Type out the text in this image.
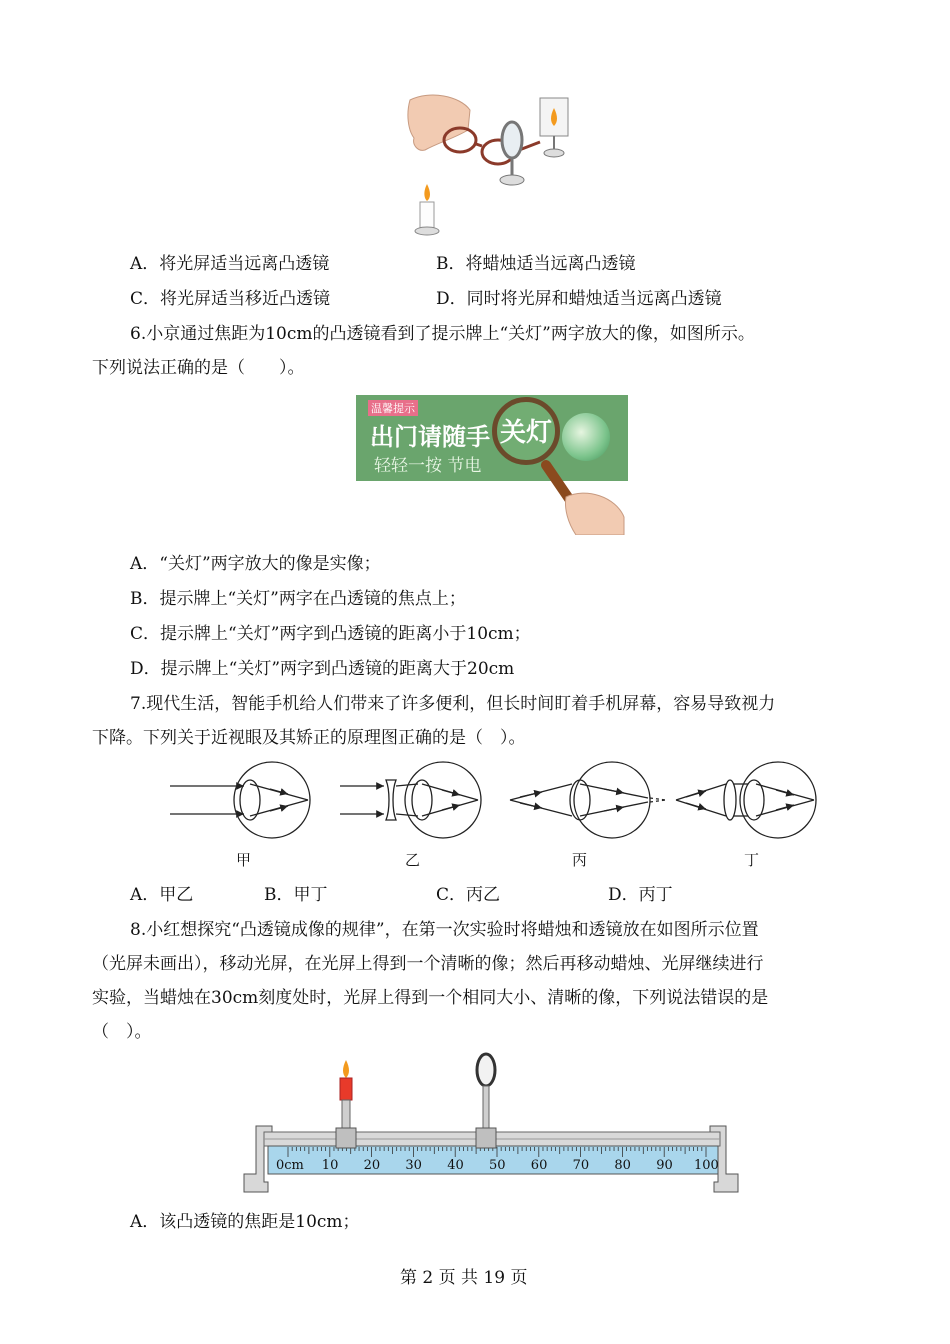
A．将光屏适当远离凸透镜	B．将蜡烛适当远离凸透镜
C．将光屏适当移近凸透镜	D．同时将光屏和蜡烛适当远离凸透镜
6.小京通过焦距为10cm的凸透镜看到了提示牌上“关灯”两字放大的像，如图所示。
下列说法正确的是（　　）。
温馨提示
出门请随手
轻轻一按 节电
关灯
A．“关灯”两字放大的像是实像；
B．提示牌上“关灯”两字在凸透镜的焦点上；
C．提示牌上“关灯”两字到凸透镜的距离小于10cm；
D．提示牌上“关灯”两字到凸透镜的距离大于20cm
7.现代生活，智能手机给人们带来了许多便利，但长时间盯着手机屏幕，容易导致视力
下降。下列关于近视眼及其矫正的原理图正确的是（　）。
甲	乙	丙	丁
A．甲乙	B．甲丁	C．丙乙	D．丙丁
8.小红想探究“凸透镜成像的规律”，在第一次实验时将蜡烛和透镜放在如图所示位置
（光屏未画出），移动光屏，在光屏上得到一个清晰的像；然后再移动蜡烛、光屏继续进行
实验，当蜡烛在30cm刻度处时，光屏上得到一个相同大小、清晰的像，下列说法错误的是
（　）。
0cm 10 20 30 40 50 60 70 80 90 100
A．该凸透镜的焦距是10cm；
第 2 页 共 19 页
